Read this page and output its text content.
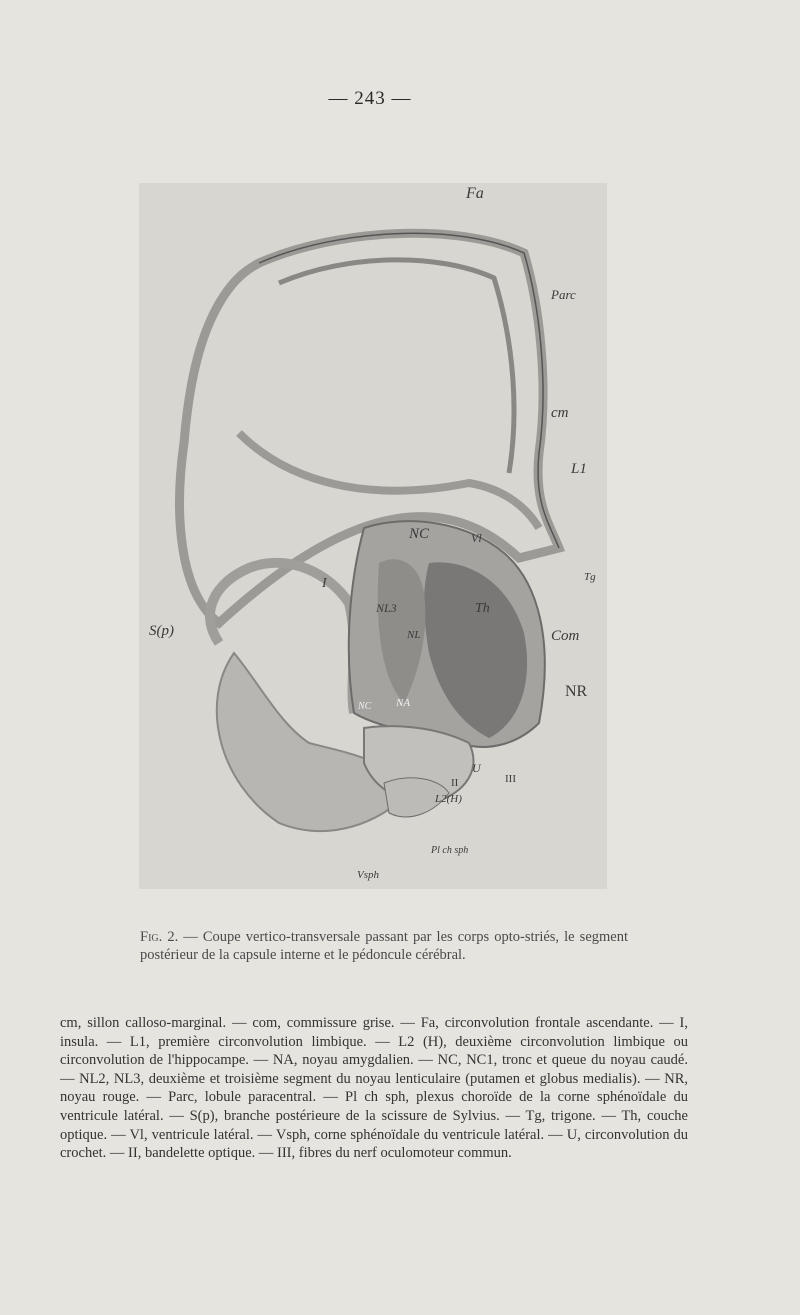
— 243 —
Fa
Parc
cm
L1
Tg
Com
NR
S(p)
I
NC	Vl
NL3	Th
NL
NC NA
U
II	III
L2(H)
Pl ch sph
Vsph

Fig. 2. — Coupe vertico-transversale passant par les corps opto-striés, le segment postérieur de la capsule interne et le pédoncule cérébral.

cm, sillon calloso-marginal. — com, commissure grise. — Fa, circonvolution frontale ascendante. — I, insula. — L1, première circonvolution limbique. — L2 (H), deuxième circonvolution limbique ou circonvolution de l'hippocampe. — NA, noyau amygdalien. — NC, NC1, tronc et queue du noyau caudé. — NL2, NL3, deuxième et troisième segment du noyau lenticulaire (putamen et globus medialis). — NR, noyau rouge. — Parc, lobule paracentral. — Pl ch sph, plexus choroïde de la corne sphénoïdale du ventricule latéral. — S(p), branche postérieure de la scissure de Sylvius. — Tg, trigone. — Th, couche optique. — Vl, ventricule latéral. — Vsph, corne sphénoïdale du ventricule latéral. — U, circonvolution du crochet. — II, bandelette optique. — III, fibres du nerf oculomoteur commun.
